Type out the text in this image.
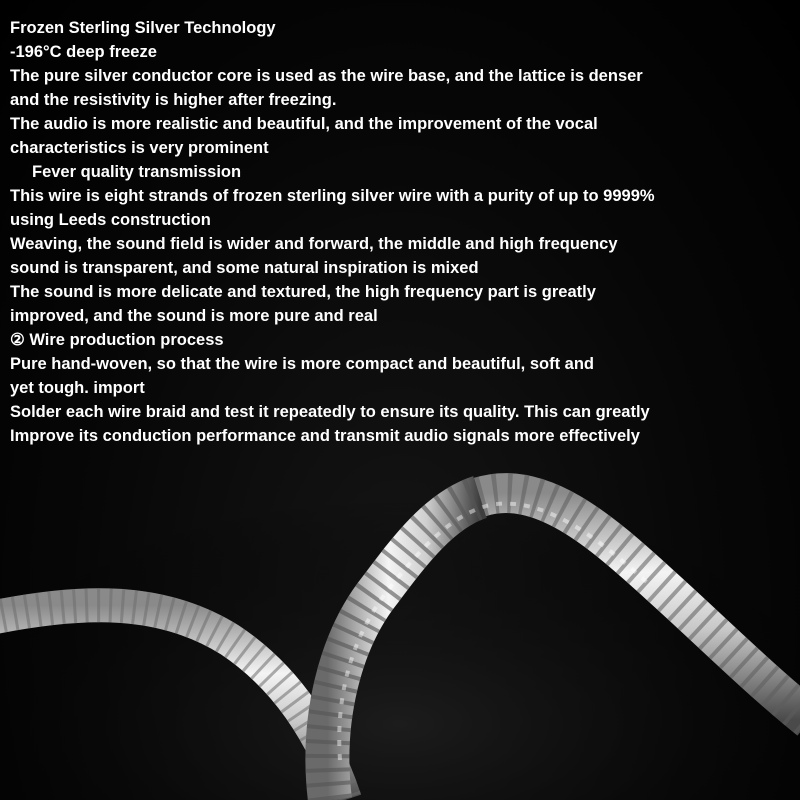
Frozen Sterling Silver Technology
-196°C deep freeze
The pure silver conductor core is used as the wire base, and the lattice is denser
and the resistivity is higher after freezing.
The audio is more realistic and beautiful, and the improvement of the vocal
characteristics is very prominent
Fever quality transmission
This wire is eight strands of frozen sterling silver wire with a purity of up to 9999%
using Leeds construction
Weaving, the sound field is wider and forward, the middle and high frequency
sound is transparent, and some natural inspiration is mixed
The sound is more delicate and textured, the high frequency part is greatly
improved, and the sound is more pure and real
② Wire production process
Pure hand-woven, so that the wire is more compact and beautiful, soft and
yet tough. import
Solder each wire braid and test it repeatedly to ensure its quality. This can greatly
Improve its conduction performance and transmit audio signals more effectively
